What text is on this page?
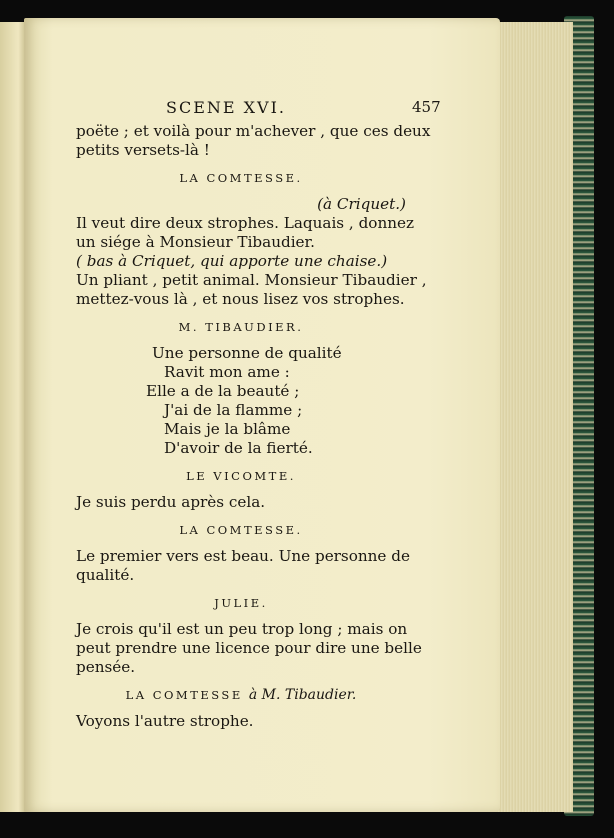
SCENE XVI.	457
poëte ; et voilà pour m'achever , que ces deux
petits versets-là !
LA COMTESSE.
(à Criquet.)
Il veut dire deux strophes. Laquais , donnez
un siége à Monsieur Tibaudier.
( bas à Criquet, qui apporte une chaise.)
Un pliant , petit animal. Monsieur Tibaudier ,
mettez-vous là , et nous lisez vos strophes.
M. TIBAUDIER.
Une personne de qualité
Ravit mon ame :
Elle a de la beauté ;
J'ai de la flamme ;
Mais je la blâme
D'avoir de la fierté.
LE VICOMTE.
Je suis perdu après cela.
LA COMTESSE.
Le premier vers est beau. Une personne de
qualité.
JULIE.
Je crois qu'il est un peu trop long ; mais on
peut prendre une licence pour dire une belle
pensée.
LA COMTESSE à M. Tibaudier.
Voyons l'autre strophe.
